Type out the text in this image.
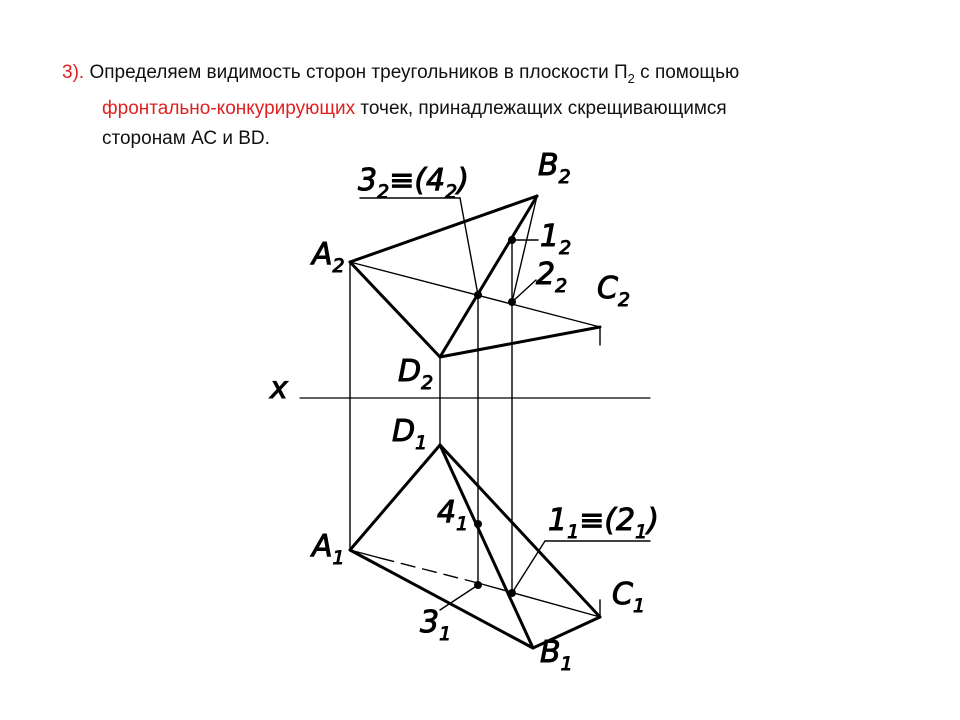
3). Определяем видимость сторон треугольников в плоскости $П_2$ с помощью
фронтально-конкурирующих точек, принадлежащих скрещивающимся
сторонам АС и BD.
$A_2$
$B_2$
$C_2$
$D_2$
x
$D_1$
$A_1$
$B_1$
$C_1$
$1_2$
$2_2$
$4_1$
$3_1$
$3_2\equiv(4_2)$
$1_1\equiv(2_1)$
